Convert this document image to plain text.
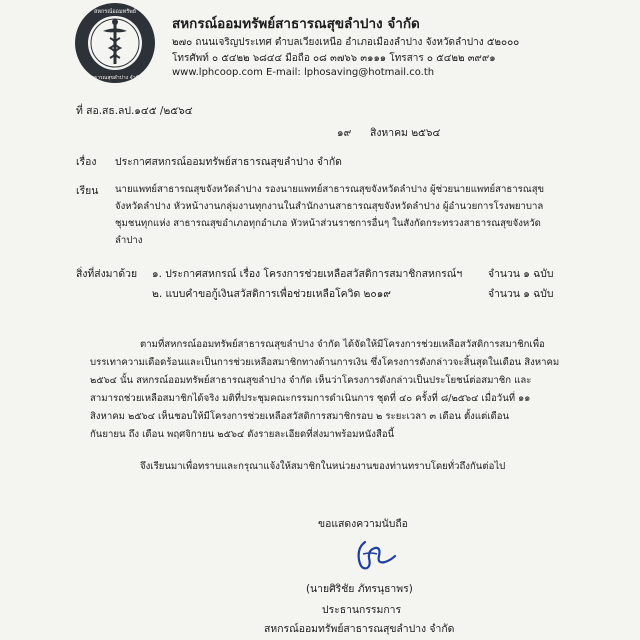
สหกรณ์ออมทรัพย์
สาธารณสุขลำปาง จำกัด
สหกรณ์ออมทรัพย์สาธารณสุขลำปาง จำกัด
๒๗๐ ถนนเจริญประเทศ ตำบลเวียงเหนือ อำเภอเมืองลำปาง จังหวัดลำปาง ๕๒๐๐๐
โทรศัพท์ ๐ ๕๔๒๒ ๖๘๔๔ มือถือ ๐๘ ๓๗๖๖ ๓๑๑๑ โทรสาร ๐ ๕๔๒๒ ๓๙๙๑
www.lphcoop.com E-mail: lphosaving@hotmail.co.th
ที่ สอ.สธ.ลป.๑๔๕ /๒๕๖๔
๑๙ สิงหาคม ๒๕๖๔
เรื่อง ประกาศสหกรณ์ออมทรัพย์สาธารณสุขลำปาง จำกัด
เรียน นายแพทย์สาธารณสุขจังหวัดลำปาง รองนายแพทย์สาธารณสุขจังหวัดลำปาง ผู้ช่วยนายแพทย์สาธารณสุข
จังหวัดลำปาง หัวหน้างานกลุ่มงานทุกงานในสำนักงานสาธารณสุขจังหวัดลำปาง ผู้อำนวยการโรงพยาบาล
ชุมชนทุกแห่ง สาธารณสุขอำเภอทุกอำเภอ หัวหน้าส่วนราชการอื่นๆ ในสังกัดกระทรวงสาธารณสุขจังหวัด
ลำปาง
สิ่งที่ส่งมาด้วย ๑. ประกาศสหกรณ์ เรื่อง โครงการช่วยเหลือสวัสดิการสมาชิกสหกรณ์ฯ จำนวน ๑ ฉบับ
๒. แบบคำขอกู้เงินสวัสดิการเพื่อช่วยเหลือโควิด ๒๐๑๙	จำนวน ๑ ฉบับ
ตามที่สหกรณ์ออมทรัพย์สาธารณสุขลำปาง จำกัด ได้จัดให้มีโครงการช่วยเหลือสวัสดิการสมาชิกเพื่อ
บรรเทาความเดือดร้อนและเป็นการช่วยเหลือสมาชิกทางด้านการเงิน ซึ่งโครงการดังกล่าวจะสิ้นสุดในเดือน สิงหาคม
๒๕๖๔ นั้น สหกรณ์ออมทรัพย์สาธารณสุขลำปาง จำกัด เห็นว่าโครงการดังกล่าวเป็นประโยชน์ต่อสมาชิก และ
สามารถช่วยเหลือสมาชิกได้จริง มติที่ประชุมคณะกรรมการดำเนินการ ชุดที่ ๔๐ ครั้งที่ ๘/๒๕๖๔ เมื่อวันที่ ๑๑
สิงหาคม ๒๕๖๔ เห็นชอบให้มีโครงการช่วยเหลือสวัสดิการสมาชิกรอบ ๒ ระยะเวลา ๓ เดือน ตั้งแต่เดือน
กันยายน ถึง เดือน พฤศจิกายน ๒๕๖๔ ดังรายละเอียดที่ส่งมาพร้อมหนังสือนี้
จึงเรียนมาเพื่อทราบและกรุณาแจ้งให้สมาชิกในหน่วยงานของท่านทราบโดยทั่วถึงกันต่อไป
ขอแสดงความนับถือ
(นายศิริชัย ภัทรนุธาพร)
ประธานกรรมการ
สหกรณ์ออมทรัพย์สาธารณสุขลำปาง จำกัด
